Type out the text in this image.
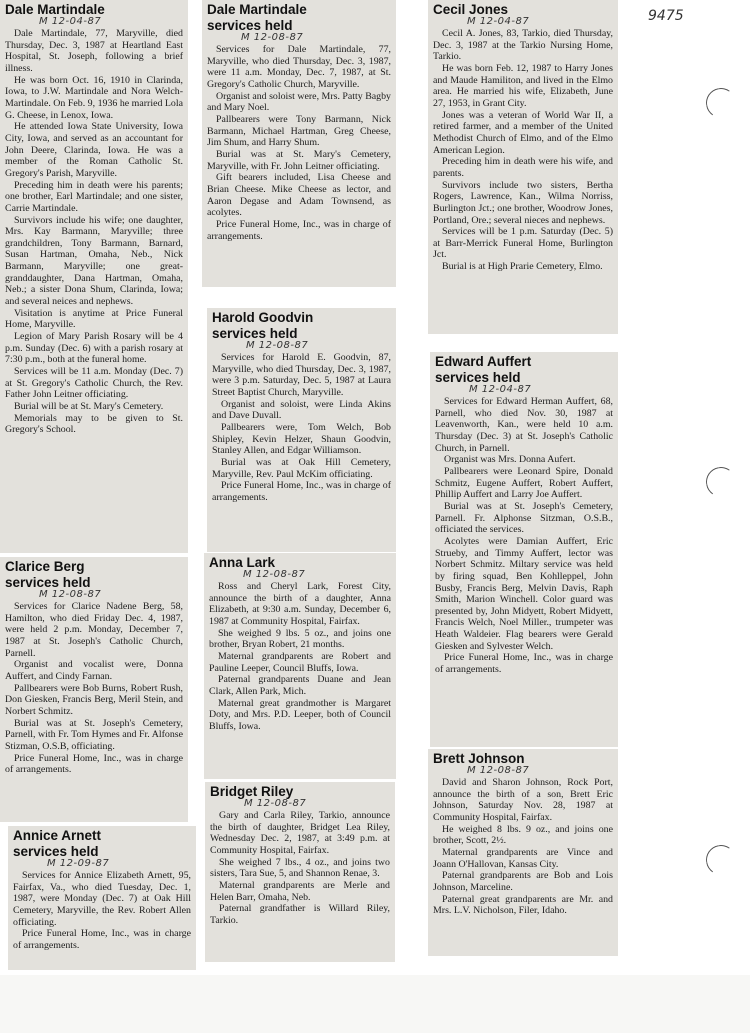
9475
Dale Martindale
M 12-04-87

Dale Martindale, 77, Maryville, died Thursday, Dec. 3, 1987 at Heartland East Hospital, St. Joseph, following a brief illness.

He was born Oct. 16, 1910 in Clarinda, Iowa, to J.W. Martindale and Nora Welch-Martindale. On Feb. 9, 1936 he married Lola G. Cheese, in Lenox, Iowa.

He attended Iowa State University, Iowa City, Iowa, and served as an accountant for John Deere, Clarinda, Iowa. He was a member of the Roman Catholic St. Gregory's Parish, Maryville.

Preceding him in death were his parents; one brother, Earl Martindale; and one sister, Carrie Martindale.

Survivors include his wife; one daughter, Mrs. Kay Barmann, Maryville; three grandchildren, Tony Barmann, Barnard, Susan Hartman, Omaha, Neb., Nick Barmann, Maryville; one great-granddaughter, Dana Hartman, Omaha, Neb.; a sister Dona Shum, Clarinda, Iowa; and several neices and nephews.

Visitation is anytime at Price Funeral Home, Maryville.

Legion of Mary Parish Rosary will be 4 p.m. Sunday (Dec. 6) with a parish rosary at 7:30 p.m., both at the funeral home.

Services will be 11 a.m. Monday (Dec. 7) at St. Gregory's Catholic Church, the Rev. Father John Leitner officiating.

Burial will be at St. Mary's Cemetery.

Memorials may to be given to St. Gregory's School.

Clarice Berg
services held
M 12-08-87

Services for Clarice Nadene Berg, 58, Hamilton, who died Friday Dec. 4, 1987, were held 2 p.m. Monday, December 7, 1987 at St. Joseph's Catholic Church, Parnell.

Organist and vocalist were, Donna Auffert, and Cindy Farnan.

Pallbearers were Bob Burns, Robert Rush, Don Giesken, Francis Berg, Meril Stein, and Norbert Schmitz.

Burial was at St. Joseph's Cemetery, Parnell, with Fr. Tom Hymes and Fr. Alfonse Stizman, O.S.B, officiating.

Price Funeral Home, Inc., was in charge of arrangements.

Annice Arnett
services held
M 12-09-87

Services for Annice Elizabeth Arnett, 95, Fairfax, Va., who died Tuesday, Dec. 1, 1987, were Monday (Dec. 7) at Oak Hill Cemetery, Maryville, the Rev. Robert Allen officiating.

Price Funeral Home, Inc., was in charge of arrangements.

Dale Martindale
services held
M 12-08-87

Services for Dale Martindale, 77, Maryville, who died Thursday, Dec. 3, 1987, were 11 a.m. Monday, Dec. 7, 1987, at St. Gregory's Catholic Church, Maryville.

Organist and soloist were, Mrs. Patty Bagby and Mary Noel.

Pallbearers were Tony Barmann, Nick Barmann, Michael Hartman, Greg Cheese, Jim Shum, and Harry Shum.

Burial was at St. Mary's Cemetery, Maryville, with Fr. John Leitner officiating.

Gift bearers included, Lisa Cheese and Brian Cheese. Mike Cheese as lector, and Aaron Degase and Adam Townsend, as acolytes.

Price Funeral Home, Inc., was in charge of arrangements.

Harold Goodvin
services held
M 12-08-87

Services for Harold E. Goodvin, 87, Maryville, who died Thursday, Dec. 3, 1987, were 3 p.m. Saturday, Dec. 5, 1987 at Laura Street Baptist Church, Maryville.

Organist and soloist, were Linda Akins and Dave Duvall.

Pallbearers were, Tom Welch, Bob Shipley, Kevin Helzer, Shaun Goodvin, Stanley Allen, and Edgar Williamson.

Burial was at Oak Hill Cemetery, Maryville, Rev. Paul McKim officiating.

Price Funeral Home, Inc., was in charge of arrangements.

Anna Lark
M 12-08-87

Ross and Cheryl Lark, Forest City, announce the birth of a daughter, Anna Elizabeth, at 9:30 a.m. Sunday, December 6, 1987 at Community Hospital, Fairfax.

She weighed 9 lbs. 5 oz., and joins one brother, Bryan Robert, 21 months.

Maternal grandparents are Robert and Pauline Leeper, Council Bluffs, Iowa.

Paternal grandparents Duane and Jean Clark, Allen Park, Mich.

Maternal great grandmother is Margaret Doty, and Mrs. P.D. Leeper, both of Council Bluffs, Iowa.

Bridget Riley
M 12-08-87

Gary and Carla Riley, Tarkio, announce the birth of daughter, Bridget Lea Riley, Wednesday Dec. 2, 1987, at 3:49 p.m. at Community Hospital, Fairfax.

She weighed 7 lbs., 4 oz., and joins two sisters, Tara Sue, 5, and Shannon Renae, 3.

Maternal grandparents are Merle and Helen Barr, Omaha, Neb.

Paternal grandfather is Willard Riley, Tarkio.

Cecil Jones
M 12-04-87

Cecil A. Jones, 83, Tarkio, died Thursday, Dec. 3, 1987 at the Tarkio Nursing Home, Tarkio.

He was born Feb. 12, 1987 to Harry Jones and Maude Hamiliton, and lived in the Elmo area. He married his wife, Elizabeth, June 27, 1953, in Grant City.

Jones was a veteran of World War II, a retired farmer, and a member of the United Methodist Church of Elmo, and of the Elmo American Legion.

Preceding him in death were his wife, and parents.

Survivors include two sisters, Bertha Rogers, Lawrence, Kan., Wilma Norriss, Burlington Jct.; one brother, Woodrow Jones, Portland, Ore.; several nieces and nephews.

Services will be 1 p.m. Saturday (Dec. 5) at Barr-Merrick Funeral Home, Burlington Jct.

Burial is at High Prarie Cemetery, Elmo.

Edward Auffert
services held
M 12-04-87

Services for Edward Herman Auffert, 68, Parnell, who died Nov. 30, 1987 at Leavenworth, Kan., were held 10 a.m. Thursday (Dec. 3) at St. Joseph's Catholic Church, in Parnell.

Organist was Mrs. Donna Aufert.

Pallbearers were Leonard Spire, Donald Schmitz, Eugene Auffert, Robert Auffert, Phillip Auffert and Larry Joe Auffert.

Burial was at St. Joseph's Cemetery, Parnell. Fr. Alphonse Sitzman, O.S.B., officiated the services.

Acolytes were Damian Auffert, Eric Strueby, and Timmy Auffert, lector was Norbert Schmitz. Miltary service was held by firing squad, Ben Kohlleppel, John Busby, Francis Berg, Melvin Davis, Raph Smith, Marion Winchell. Color guard was presented by, John Midyett, Robert Midyett, Francis Welch, Noel Miller., trumpeter was Heath Waldeier. Flag bearers were Gerald Giesken and Sylvester Welch.

Price Funeral Home, Inc., was in charge of arrangements.

Brett Johnson
M 12-08-87

David and Sharon Johnson, Rock Port, announce the birth of a son, Brett Eric Johnson, Saturday Nov. 28, 1987 at Community Hospital, Fairfax.

He weighed 8 lbs. 9 oz., and joins one brother, Scott, 2½.

Maternal grandparents are Vince and Joann O'Hallovan, Kansas City.

Paternal grandparents are Bob and Lois Johnson, Marceline.

Paternal great grandparents are Mr. and Mrs. L.V. Nicholson, Filer, Idaho.
